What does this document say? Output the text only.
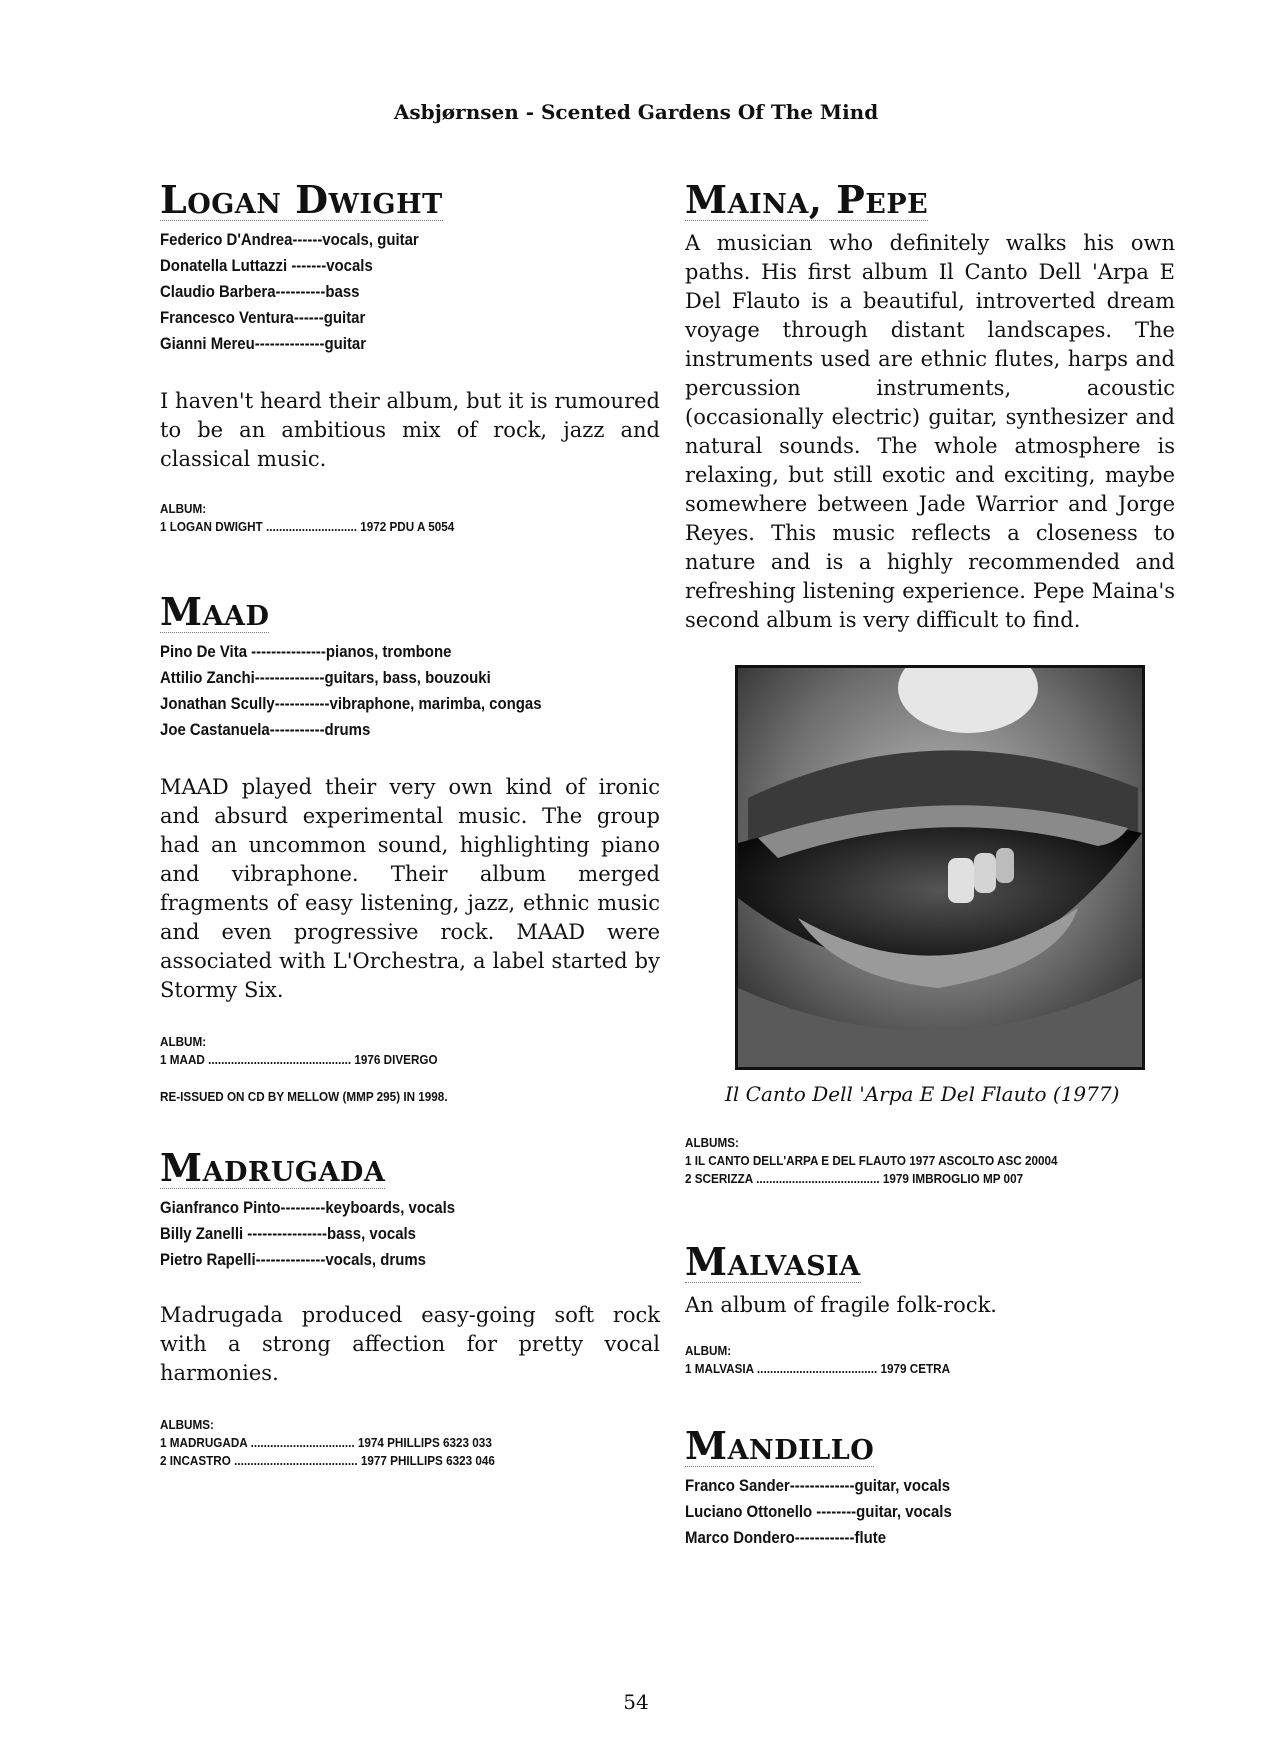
Asbjørnsen - Scented Gardens Of The Mind
Logan Dwight
Federico D'Andrea------vocals, guitar
Donatella Luttazzi -------vocals
Claudio Barbera----------bass
Francesco Ventura------guitar
Gianni Mereu--------------guitar

I haven't heard their album, but it is rumoured to be an ambitious mix of rock, jazz and classical music.

ALBUM:
1 LOGAN DWIGHT ............................ 1972 PDU A 5054
Maad
Pino De Vita ---------------pianos, trombone
Attilio Zanchi--------------guitars, bass, bouzouki
Jonathan Scully-----------vibraphone, marimba, congas
Joe Castanuela-----------drums

MAAD played their very own kind of ironic and absurd experimental music. The group had an uncommon sound, highlighting piano and vibraphone. Their album merged fragments of easy listening, jazz, ethnic music and even progressive rock. MAAD were associated with L'Orchestra, a label started by Stormy Six.

ALBUM:
1 MAAD ............................................ 1976 DIVERGO
RE-ISSUED ON CD BY MELLOW (MMP 295) IN 1998.
Madrugada
Gianfranco Pinto---------keyboards, vocals
Billy Zanelli ----------------bass, vocals
Pietro Rapelli--------------vocals, drums

Madrugada produced easy-going soft rock with a strong affection for pretty vocal harmonies.

ALBUMS:
1 MADRUGADA ................................ 1974 PHILLIPS 6323 033
2 INCASTRO ...................................... 1977 PHILLIPS 6323 046
Maina, Pepe

A musician who definitely walks his own paths. His first album Il Canto Dell 'Arpa E Del Flauto is a beautiful, introverted dream voyage through distant landscapes. The instruments used are ethnic flutes, harps and percussion instruments, acoustic (occasionally electric) guitar, synthesizer and natural sounds. The whole atmosphere is relaxing, but still exotic and exciting, maybe somewhere between Jade Warrior and Jorge Reyes. This music reflects a closeness to nature and is a highly recommended and refreshing listening experience. Pepe Maina's second album is very difficult to find.

Il Canto Dell 'Arpa E Del Flauto (1977)
ALBUMS:
1 IL CANTO DELL'ARPA E DEL FLAUTO 1977 ASCOLTO ASC 20004
2 SCERIZZA ...................................... 1979 IMBROGLIO MP 007
Malvasia

An album of fragile folk-rock.

ALBUM:
1 MALVASIA ..................................... 1979 CETRA
Mandillo
Franco Sander-------------guitar, vocals
Luciano Ottonello --------guitar, vocals
Marco Dondero------------flute
54
